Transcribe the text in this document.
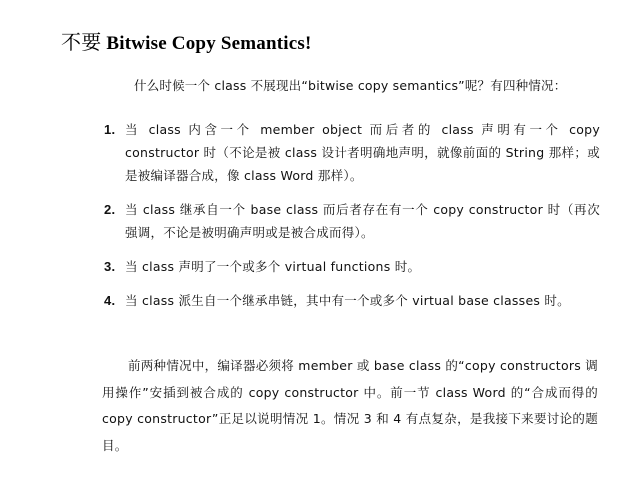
不要 Bitwise Copy Semantics!
什么时候一个 class 不展现出“bitwise copy semantics”呢？有四种情况：
1. 当 class 内含一个 member object 而后者的 class 声明有一个 copy constructor 时（不论是被 class 设计者明确地声明，就像前面的 String 那样；或是被编译器合成，像 class Word 那样）。
2. 当 class 继承自一个 base class 而后者存在有一个 copy constructor 时（再次强调，不论是被明确声明或是被合成而得）。
3. 当 class 声明了一个或多个 virtual functions 时。
4. 当 class 派生自一个继承串链，其中有一个或多个 virtual base classes 时。

前两种情况中，编译器必须将 member 或 base class 的“copy constructors 调用操作”安插到被合成的 copy constructor 中。前一节 class Word 的“合成而得的 copy constructor”正足以说明情况 1。情况 3 和 4 有点复杂，是我接下来要讨论的题目。
